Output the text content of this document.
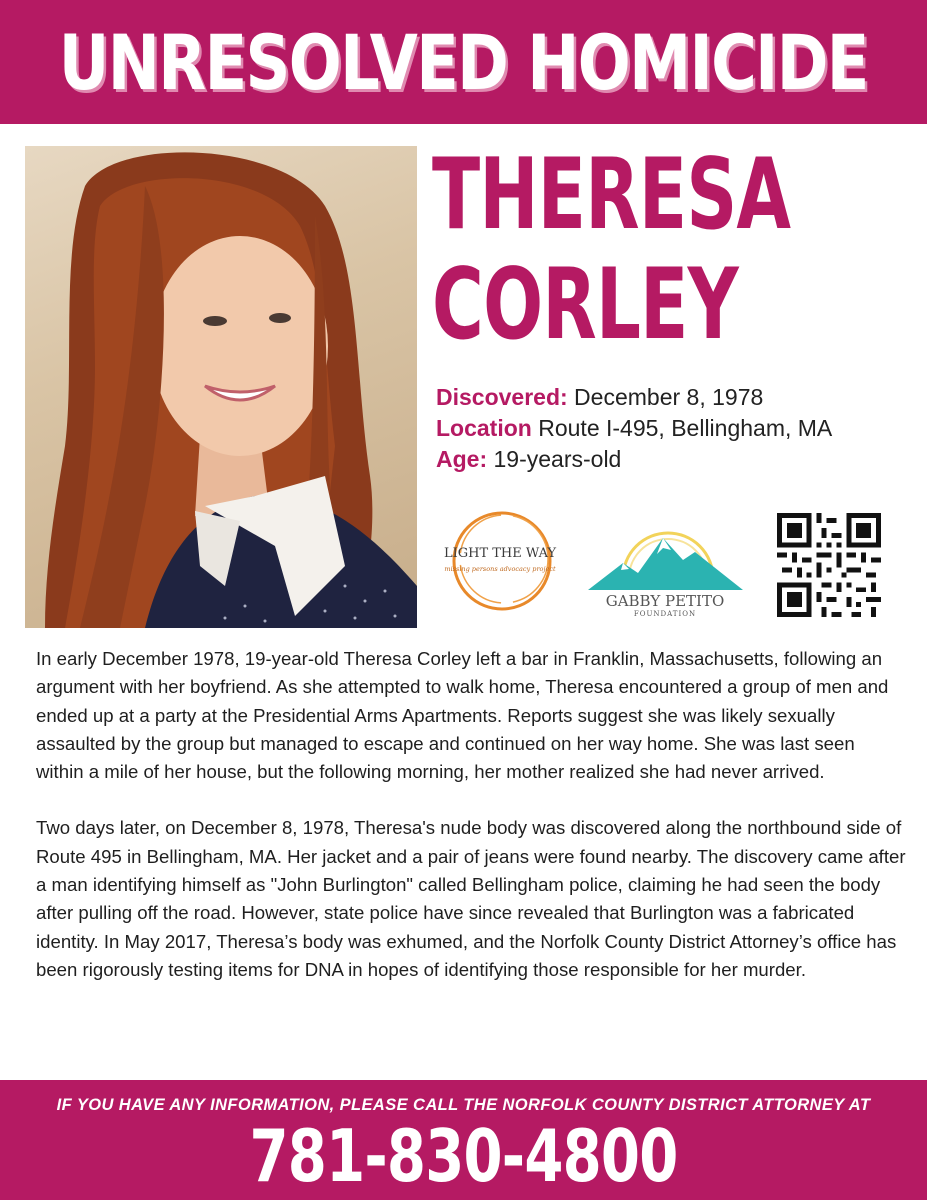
UNRESOLVED HOMICIDE
THERESA
CORLEY
Discovered: December 8, 1978
Location Route I-495, Bellingham, MA
Age: 19-years-old
LIGHT THE WAY
missing persons advocacy project
GABBY PETITO
FOUNDATION

In early December 1978, 19-year-old Theresa Corley left a bar in Franklin, Massachusetts, following an argument with her boyfriend. As she attempted to walk home, Theresa encountered a group of men and ended up at a party at the Presidential Arms Apartments. Reports suggest she was likely sexually assaulted by the group but managed to escape and continued on her way home. She was last seen within a mile of her house, but the following morning, her mother realized she had never arrived.

Two days later, on December 8, 1978, Theresa's nude body was discovered along the northbound side of Route 495 in Bellingham, MA. Her jacket and a pair of jeans were found nearby. The discovery came after a man identifying himself as "John Burlington" called Bellingham police, claiming he had seen the body after pulling off the road. However, state police have since revealed that Burlington was a fabricated identity. In May 2017, Theresa’s body was exhumed, and the Norfolk County District Attorney’s office has been rigorously testing items for DNA in hopes of identifying those responsible for her murder.

IF YOU HAVE ANY INFORMATION, PLEASE CALL THE NORFOLK COUNTY DISTRICT ATTORNEY AT
781-830-4800
